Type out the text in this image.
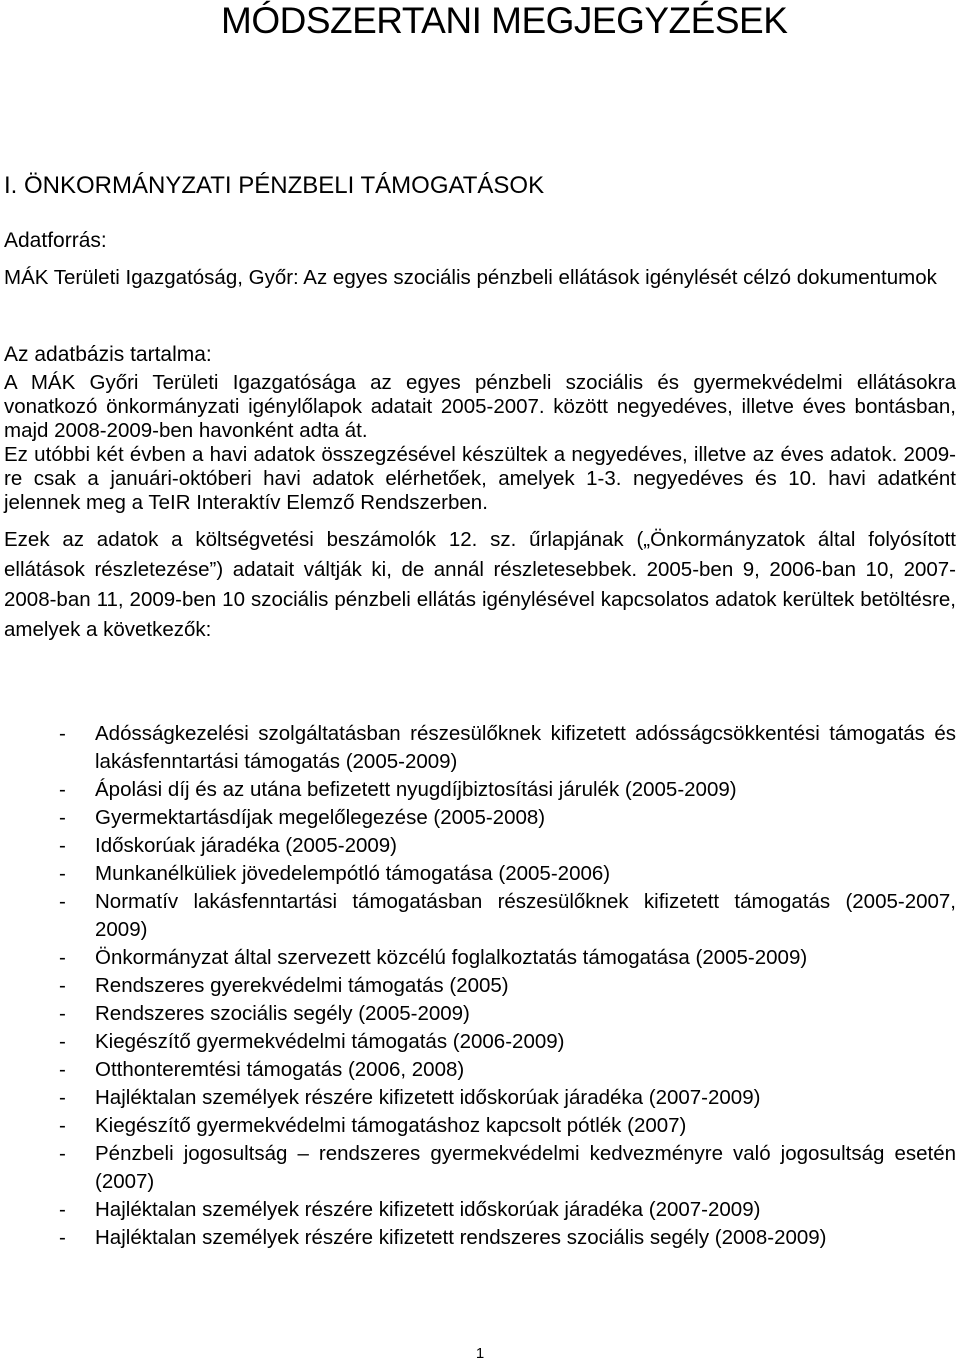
MÓDSZERTANI MEGJEGYZÉSEK
I. ÖNKORMÁNYZATI PÉNZBELI TÁMOGATÁSOK

Adatforrás:

MÁK Területi Igazgatóság, Győr: Az egyes szociális pénzbeli ellátások igénylését célzó dokumentumok

Az adatbázis tartalma:

A MÁK Győri Területi Igazgatósága az egyes pénzbeli szociális és gyermekvédelmi ellátásokra vonatkozó önkormányzati igénylőlapok adatait 2005-2007. között negyedéves, illetve éves bontásban, majd 2008-2009-ben havonként adta át.

Ez utóbbi két évben a havi adatok összegzésével készültek a negyedéves, illetve az éves adatok. 2009-re csak a januári-októberi havi adatok elérhetőek, amelyek 1-3. negyedéves és 10. havi adatként jelennek meg a TeIR Interaktív Elemző Rendszerben.

Ezek az adatok a költségvetési beszámolók 12. sz. űrlapjának („Önkormányzatok által folyósított ellátások részletezése”) adatait váltják ki, de annál részletesebbek. 2005-ben 9, 2006-ban 10, 2007-2008-ban 11, 2009-ben 10 szociális pénzbeli ellátás igénylésével kapcsolatos adatok kerültek betöltésre, amelyek a következők:

- Adósságkezelési szolgáltatásban részesülőknek kifizetett adósságcsökkentési támogatás és lakásfenntartási támogatás (2005-2009)
- Ápolási díj és az utána befizetett nyugdíjbiztosítási járulék (2005-2009)
- Gyermektartásdíjak megelőlegezése (2005-2008)
- Időskorúak járadéka (2005-2009)
- Munkanélküliek jövedelempótló támogatása (2005-2006)
- Normatív lakásfenntartási támogatásban részesülőknek kifizetett támogatás (2005-2007, 2009)
- Önkormányzat által szervezett közcélú foglalkoztatás támogatása (2005-2009)
- Rendszeres gyerekvédelmi támogatás (2005)
- Rendszeres szociális segély (2005-2009)
- Kiegészítő gyermekvédelmi támogatás (2006-2009)
- Otthonteremtési támogatás (2006, 2008)
- Hajléktalan személyek részére kifizetett időskorúak járadéka (2007-2009)
- Kiegészítő gyermekvédelmi támogatáshoz kapcsolt pótlék (2007)
- Pénzbeli jogosultság – rendszeres gyermekvédelmi kedvezményre való jogosultság esetén (2007)
- Hajléktalan személyek részére kifizetett időskorúak járadéka (2007-2009)
- Hajléktalan személyek részére kifizetett rendszeres szociális segély (2008-2009)
1
